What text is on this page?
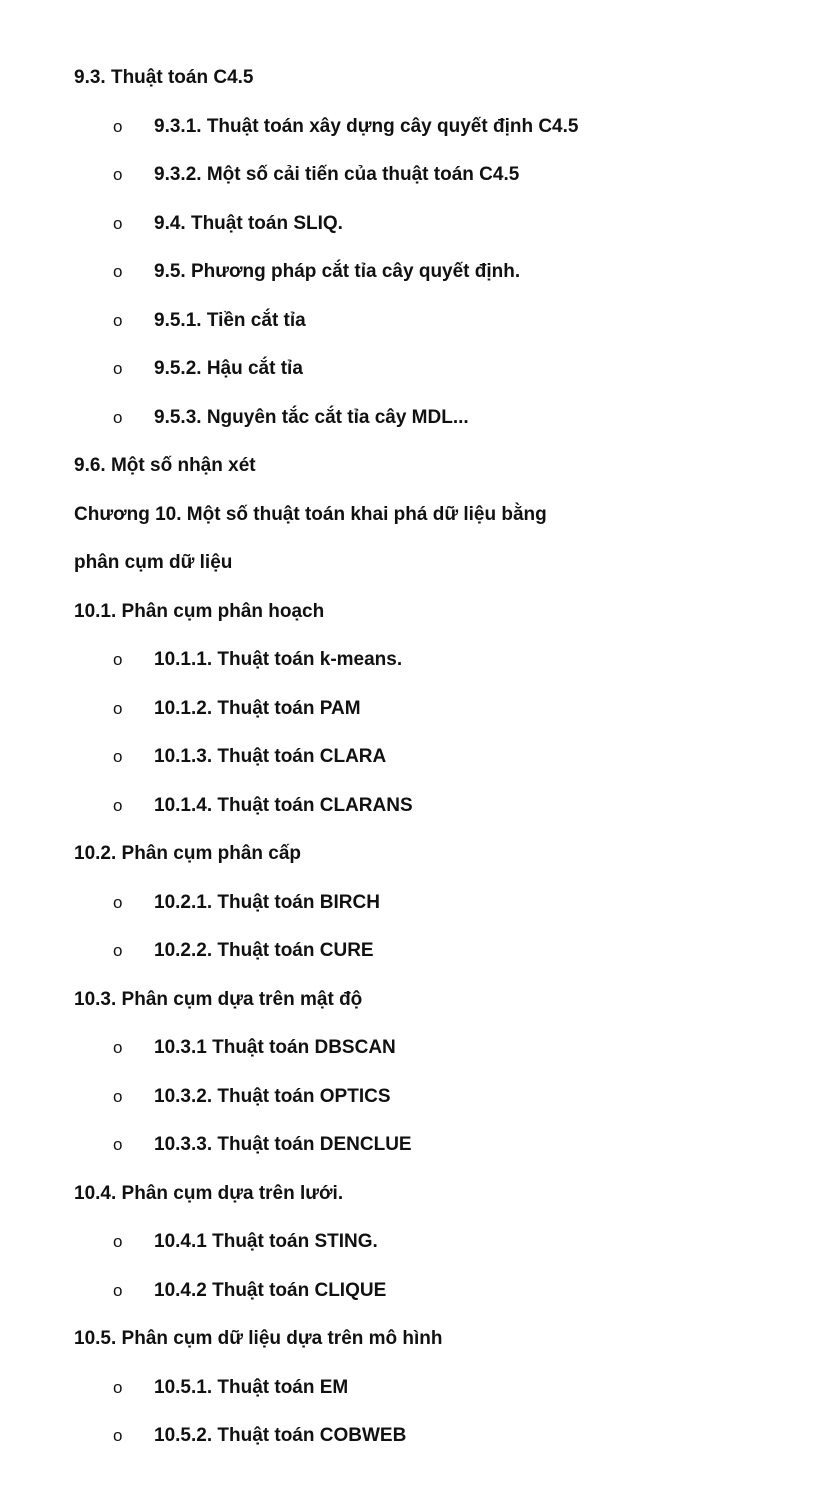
9.3. Thuật toán C4.5
o 9.3.1. Thuật toán xây dựng cây quyết định C4.5
o 9.3.2. Một số cải tiến của thuật toán C4.5
o 9.4. Thuật toán SLIQ.
o 9.5. Phương pháp cắt tỉa cây quyết định.
o 9.5.1. Tiền cắt tỉa
o 9.5.2. Hậu cắt tỉa
o 9.5.3. Nguyên tắc cắt tỉa cây MDL...
9.6. Một số nhận xét
Chương 10. Một số thuật toán khai phá dữ liệu bằng
phân cụm dữ liệu
10.1. Phân cụm phân hoạch
o 10.1.1. Thuật toán k-means.
o 10.1.2. Thuật toán PAM
o 10.1.3. Thuật toán CLARA
o 10.1.4. Thuật toán CLARANS
10.2. Phân cụm phân cấp
o 10.2.1. Thuật toán BIRCH
o 10.2.2. Thuật toán CURE
10.3. Phân cụm dựa trên mật độ
o 10.3.1 Thuật toán DBSCAN
o 10.3.2. Thuật toán OPTICS
o 10.3.3. Thuật toán DENCLUE
10.4. Phân cụm dựa trên lưới.
o 10.4.1 Thuật toán STING.
o 10.4.2 Thuật toán CLIQUE
10.5. Phân cụm dữ liệu dựa trên mô hình
o 10.5.1. Thuật toán EM
o 10.5.2. Thuật toán COBWEB
